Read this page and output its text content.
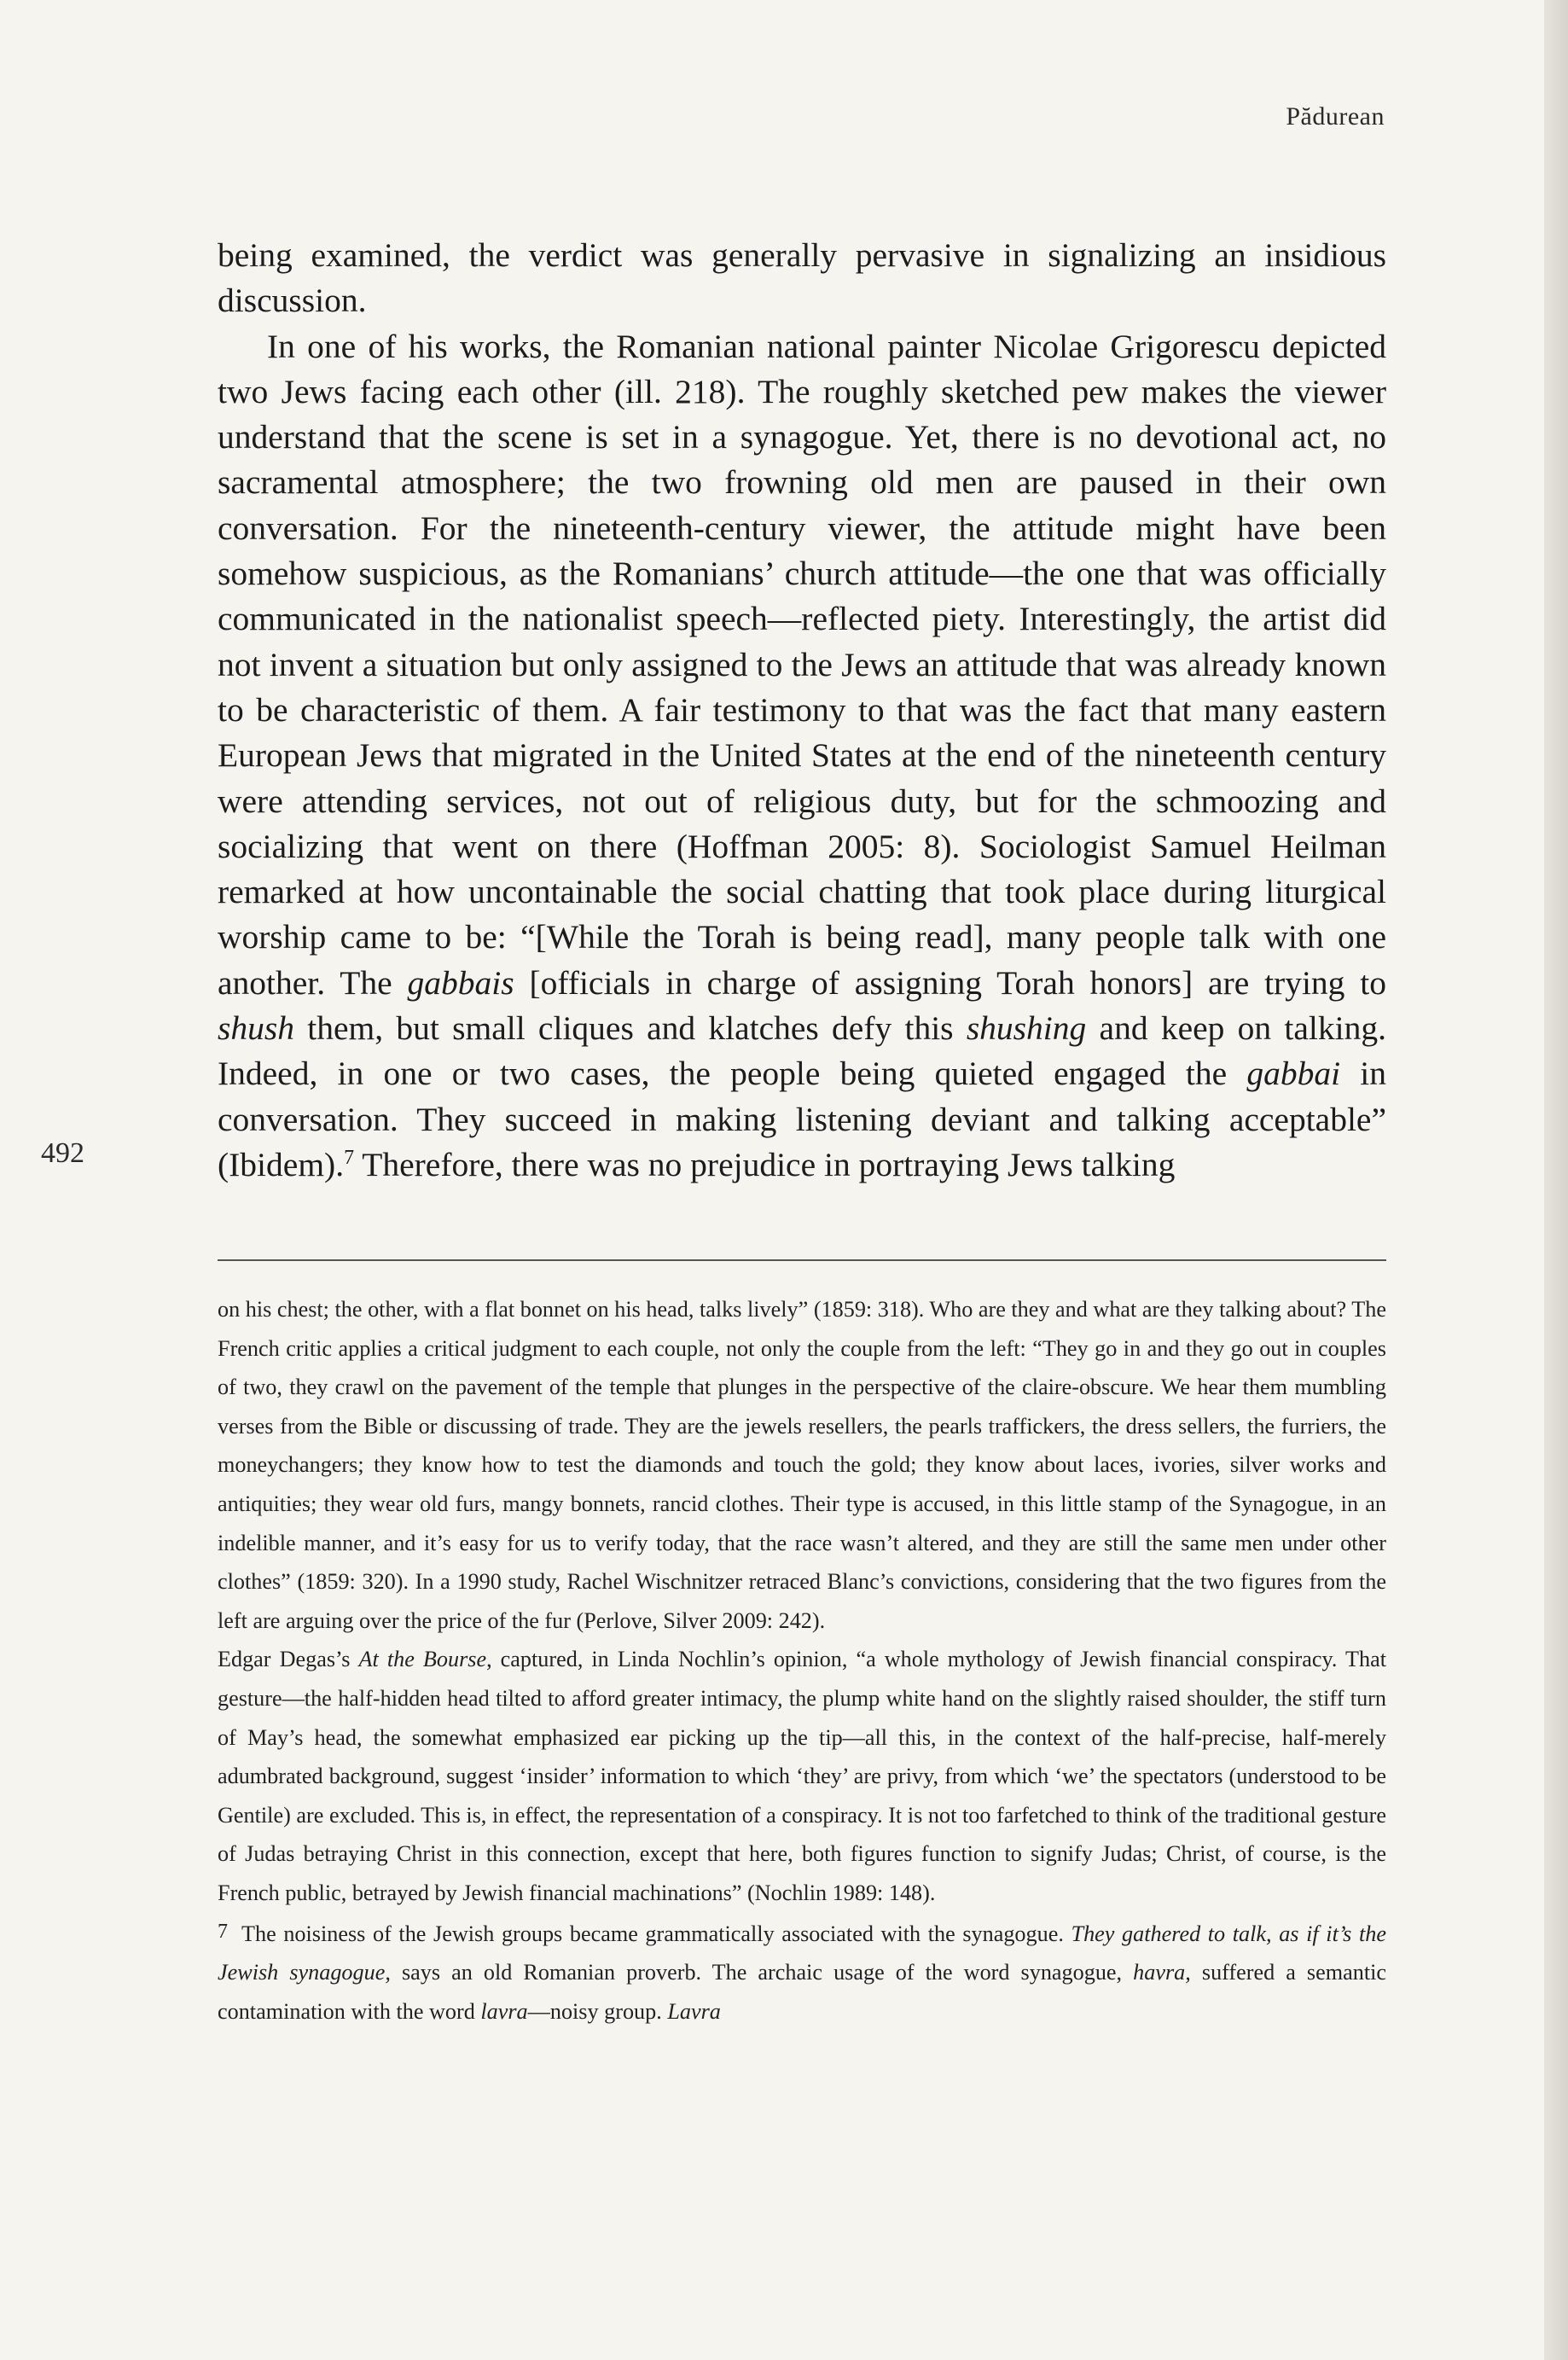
Pădurean
492

being examined, the verdict was generally pervasive in signalizing an insidious discussion.

In one of his works, the Romanian national painter Nicolae Grigorescu depicted two Jews facing each other (ill. 218). The roughly sketched pew makes the viewer understand that the scene is set in a synagogue. Yet, there is no devotional act, no sacramental atmosphere; the two frowning old men are paused in their own conversation. For the nineteenth-century viewer, the attitude might have been somehow suspicious, as the Romanians’ church attitude—the one that was officially communicated in the nationalist speech—reflected piety. Interestingly, the artist did not invent a situation but only assigned to the Jews an attitude that was already known to be characteristic of them. A fair testimony to that was the fact that many eastern European Jews that migrated in the United States at the end of the nineteenth century were attending services, not out of religious duty, but for the schmoozing and socializing that went on there (Hoffman 2005: 8). Sociologist Samuel Heilman remarked at how uncontainable the social chatting that took place during liturgical worship came to be: “[While the Torah is being read], many people talk with one another. The gabbais [officials in charge of assigning Torah honors] are trying to shush them, but small cliques and klatches defy this shushing and keep on talking. Indeed, in one or two cases, the people being quieted engaged the gabbai in conversation. They succeed in making listening deviant and talking acceptable” (Ibidem).$^7$ Therefore, there was no prejudice in portraying Jews talking

on his chest; the other, with a flat bonnet on his head, talks lively” (1859: 318). Who are they and what are they talking about? The French critic applies a critical judgment to each couple, not only the couple from the left: “They go in and they go out in couples of two, they crawl on the pavement of the temple that plunges in the perspective of the claire-obscure. We hear them mumbling verses from the Bible or discussing of trade. They are the jewels resellers, the pearls traffickers, the dress sellers, the furriers, the moneychangers; they know how to test the diamonds and touch the gold; they know about laces, ivories, silver works and antiquities; they wear old furs, mangy bonnets, rancid clothes. Their type is accused, in this little stamp of the Synagogue, in an indelible manner, and it’s easy for us to verify today, that the race wasn’t altered, and they are still the same men under other clothes” (1859: 320). In a 1990 study, Rachel Wischnitzer retraced Blanc’s convictions, considering that the two figures from the left are arguing over the price of the fur (Perlove, Silver 2009: 242).

Edgar Degas’s At the Bourse, captured, in Linda Nochlin’s opinion, “a whole mythology of Jewish financial conspiracy. That gesture—the half-hidden head tilted to afford greater intimacy, the plump white hand on the slightly raised shoulder, the stiff turn of May’s head, the somewhat emphasized ear picking up the tip—all this, in the context of the half-precise, half-merely adumbrated background, suggest ‘insider’ information to which ‘they’ are privy, from which ‘we’ the spectators (understood to be Gentile) are excluded. This is, in effect, the representation of a conspiracy. It is not too farfetched to think of the traditional gesture of Judas betraying Christ in this connection, except that here, both figures function to signify Judas; Christ, of course, is the French public, betrayed by Jewish financial machinations” (Nochlin 1989: 148).

7 The noisiness of the Jewish groups became grammatically associated with the synagogue. They gathered to talk, as if it’s the Jewish synagogue, says an old Romanian proverb. The archaic usage of the word synagogue, havra, suffered a semantic contamination with the word lavra—noisy group. Lavra
